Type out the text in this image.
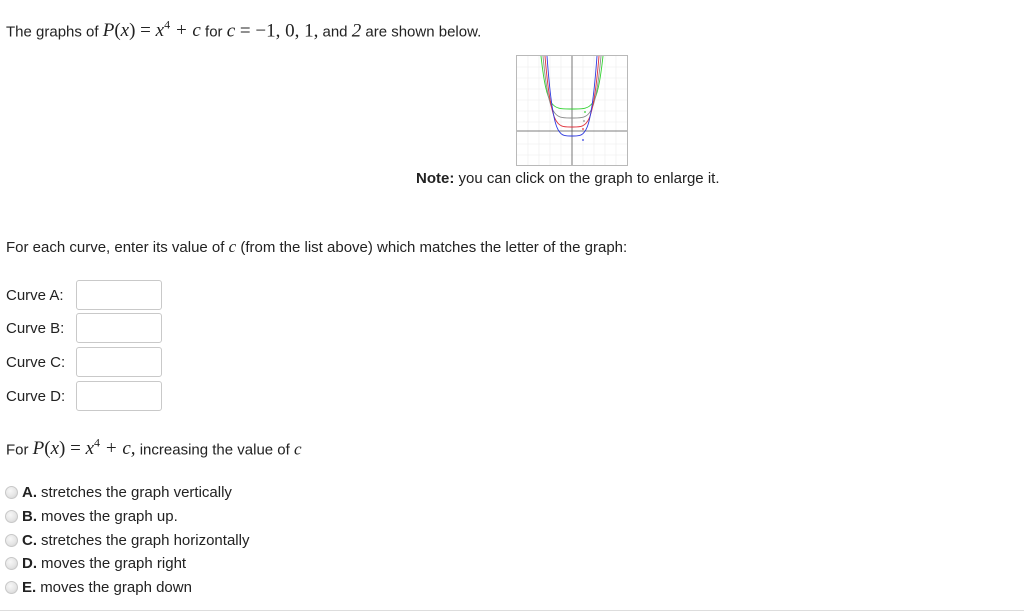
The graphs of $P(x) = x^4 + c$ for c = −1, 0, 1, and 2 are shown below.
Note: you can click on the graph to enlarge it.
For each curve, enter its value of c (from the list above) which matches the letter of the graph:
Curve A:
Curve B:
Curve C:
Curve D:
For $P(x) = x^4 + c$, increasing the value of c
A. stretches the graph vertically
B. moves the graph up.
C. stretches the graph horizontally
D. moves the graph right
E. moves the graph down
